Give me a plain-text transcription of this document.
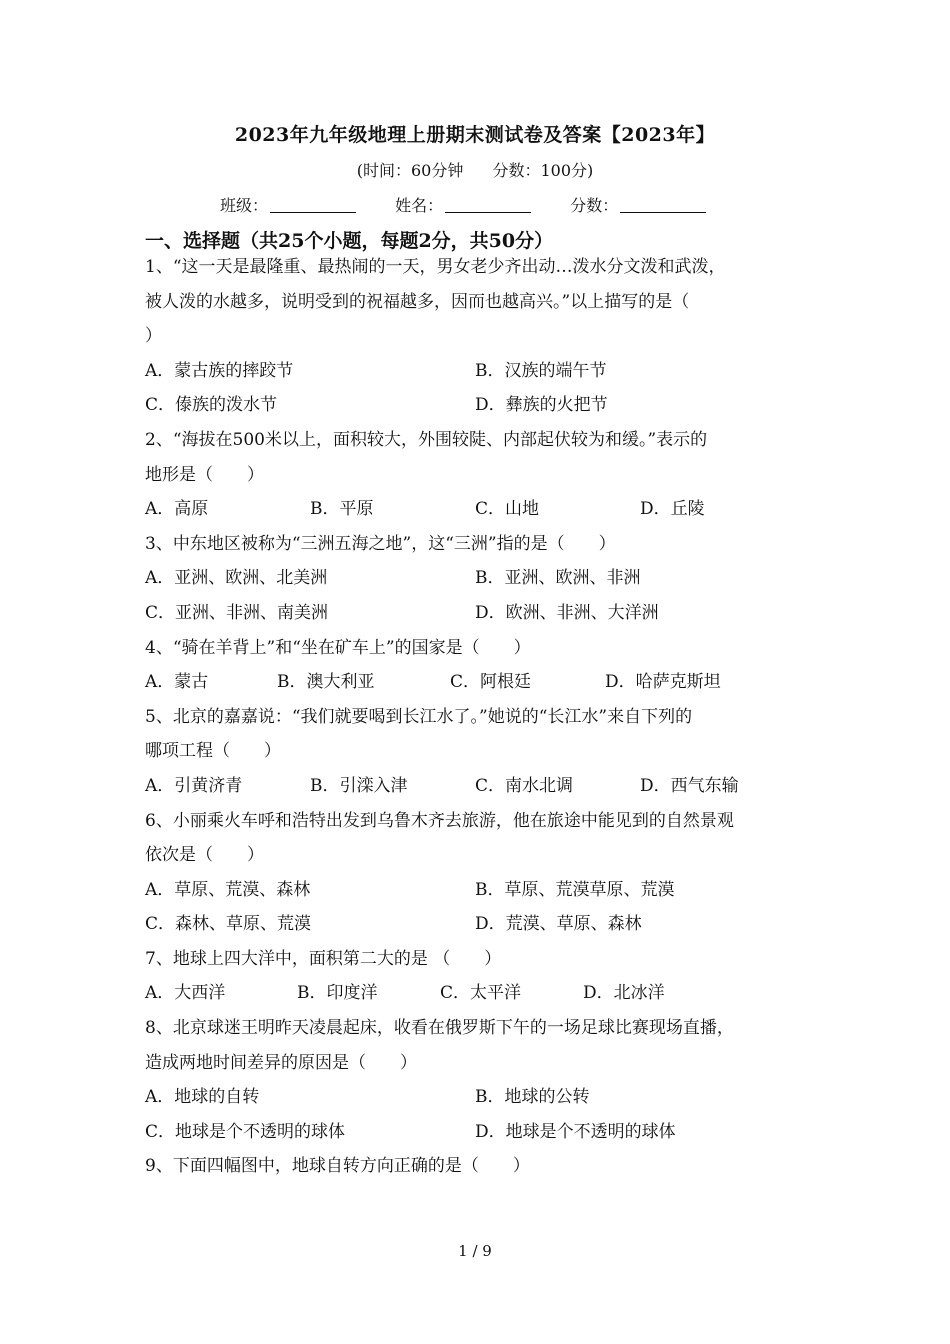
2023年九年级地理上册期末测试卷及答案【2023年】
(时间：60分钟 分数：100分)
班级：	姓名：	分数：
一、选择题（共25个小题，每题2分，共50分）
1、“这一天是最隆重、最热闹的一天，男女老少齐出动…泼水分文泼和武泼，
被人泼的水越多，说明受到的祝福越多，因而也越高兴。”以上描写的是（
）
A．蒙古族的摔跤节	B．汉族的端午节
C．傣族的泼水节	D．彝族的火把节
2、“海拔在500米以上，面积较大，外围较陡、内部起伏较为和缓。”表示的
地形是（　　）
A．高原	B．平原	C．山地	D．丘陵
3、中东地区被称为“三洲五海之地”，这“三洲”指的是（　　）
A．亚洲、欧洲、北美洲	B．亚洲、欧洲、非洲
C．亚洲、非洲、南美洲	D．欧洲、非洲、大洋洲
4、“骑在羊背上”和“坐在矿车上”的国家是（　　）
A．蒙古	B．澳大利亚	C．阿根廷	D．哈萨克斯坦
5、北京的嘉嘉说：“我们就要喝到长江水了。”她说的“长江水”来自下列的
哪项工程（　　）
A．引黄济青	B．引滦入津	C．南水北调	D．西气东输
6、小丽乘火车呼和浩特出发到乌鲁木齐去旅游，他在旅途中能见到的自然景观
依次是（　　）
A．草原、荒漠、森林	B．草原、荒漠草原、荒漠
C．森林、草原、荒漠	D．荒漠、草原、森林
7、地球上四大洋中，面积第二大的是 （　　）
A．大西洋	B．印度洋	C．太平洋	D．北冰洋
8、北京球迷王明昨天凌晨起床，收看在俄罗斯下午的一场足球比赛现场直播，
造成两地时间差异的原因是（　　）
A．地球的自转	B．地球的公转
C．地球是个不透明的球体	D．地球是个不透明的球体
9、下面四幅图中，地球自转方向正确的是（　　）
1 / 9
